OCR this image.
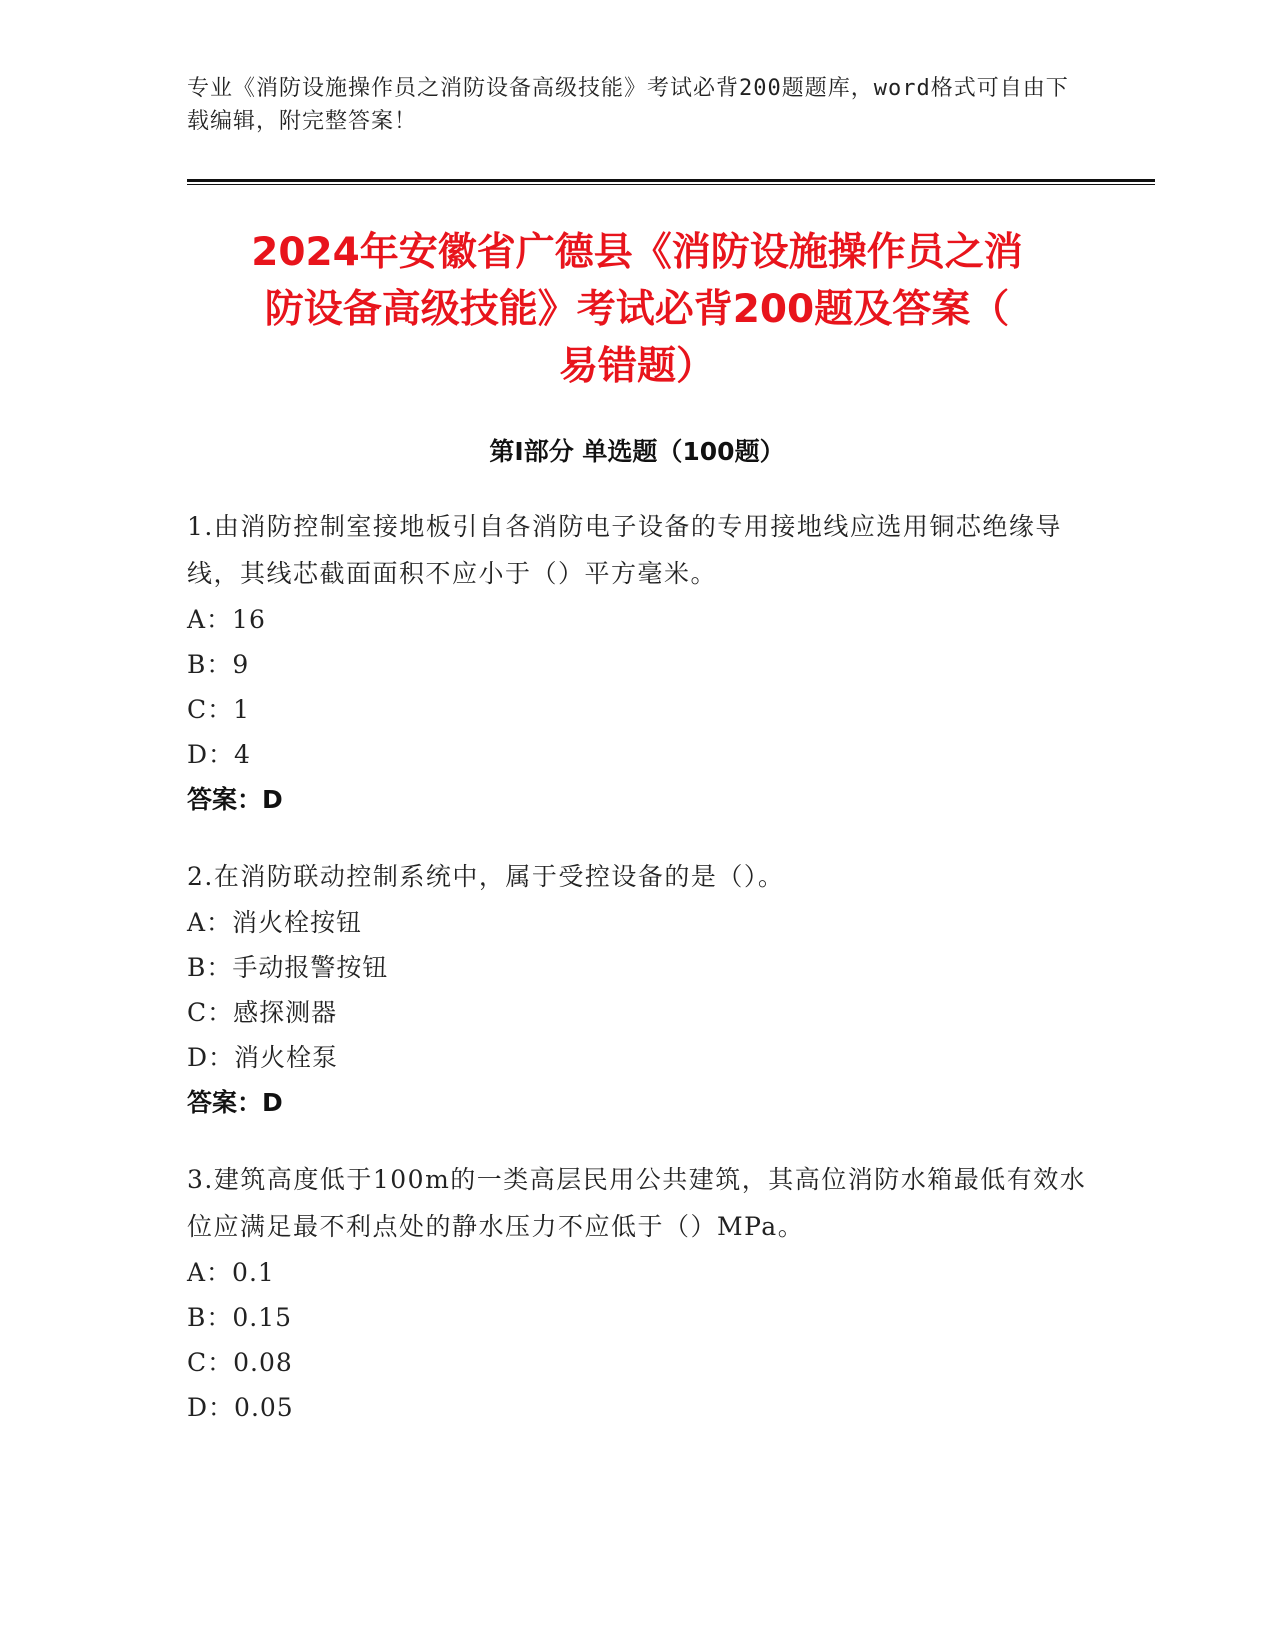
专业《消防设施操作员之消防设备高级技能》考试必背200题题库，word格式可自由下载编辑，附完整答案！
2024年安徽省广德县《消防设施操作员之消
防设备高级技能》考试必背200题及答案（
易错题）
第Ⅰ部分 单选题（100题）
1.由消防控制室接地板引自各消防电子设备的专用接地线应选用铜芯绝缘导线，其线芯截面面积不应小于（）平方毫米。
A：16
B：9
C：1
D：4
答案：D
2.在消防联动控制系统中，属于受控设备的是（）。
A：消火栓按钮
B：手动报警按钮
C：感探测器
D：消火栓泵
答案：D
3.建筑高度低于100m的一类高层民用公共建筑，其高位消防水箱最低有效水位应满足最不利点处的静水压力不应低于（）MPa。
A：0.1
B：0.15
C：0.08
D：0.05
